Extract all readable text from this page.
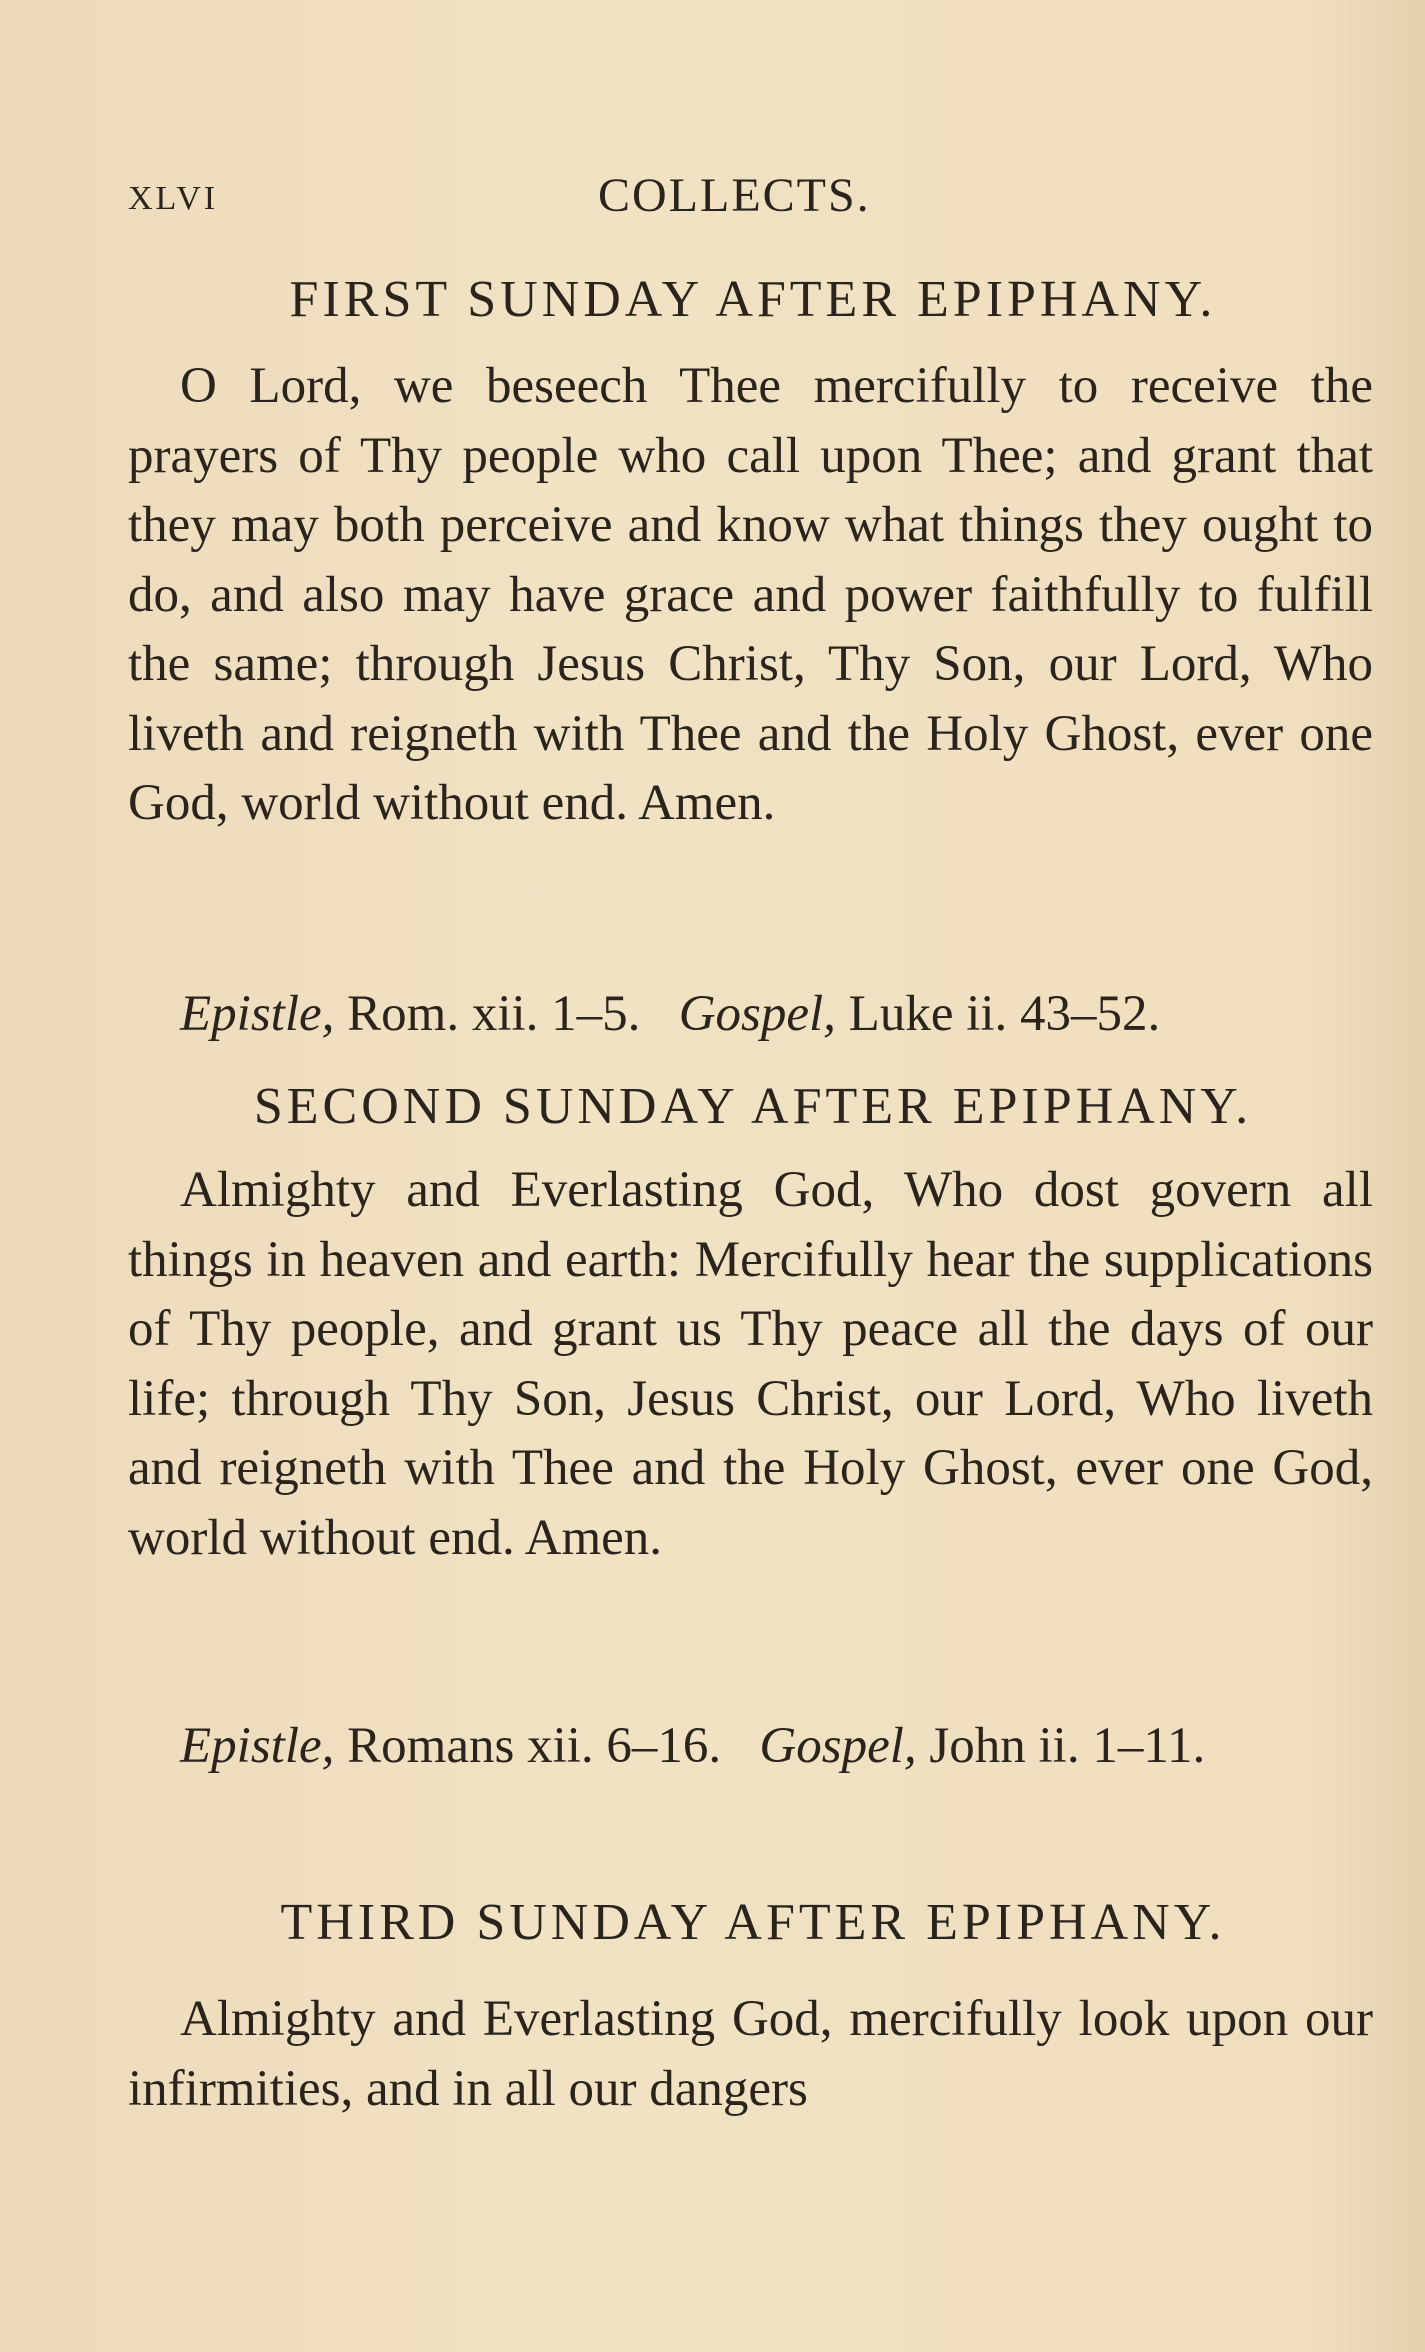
XLVI	COLLECTS.
FIRST SUNDAY AFTER EPIPHANY.
O Lord, we beseech Thee mercifully to receive the prayers of Thy people who call upon Thee; and grant that they may both perceive and know what things they ought to do, and also may have grace and power faithfully to fulfill the same; through Jesus Christ, Thy Son, our Lord, Who liveth and reigneth with Thee and the Holy Ghost, ever one God, world without end. Amen.
Epistle, Rom. xii. 1–5. Gospel, Luke ii. 43–52.
SECOND SUNDAY AFTER EPIPHANY.
Almighty and Everlasting God, Who dost govern all things in heaven and earth: Mercifully hear the supplications of Thy people, and grant us Thy peace all the days of our life; through Thy Son, Jesus Christ, our Lord, Who liveth and reigneth with Thee and the Holy Ghost, ever one God, world without end. Amen.
Epistle, Romans xii. 6–16. Gospel, John ii. 1–11.
THIRD SUNDAY AFTER EPIPHANY.
Almighty and Everlasting God, mercifully look upon our infirmities, and in all our dangers
